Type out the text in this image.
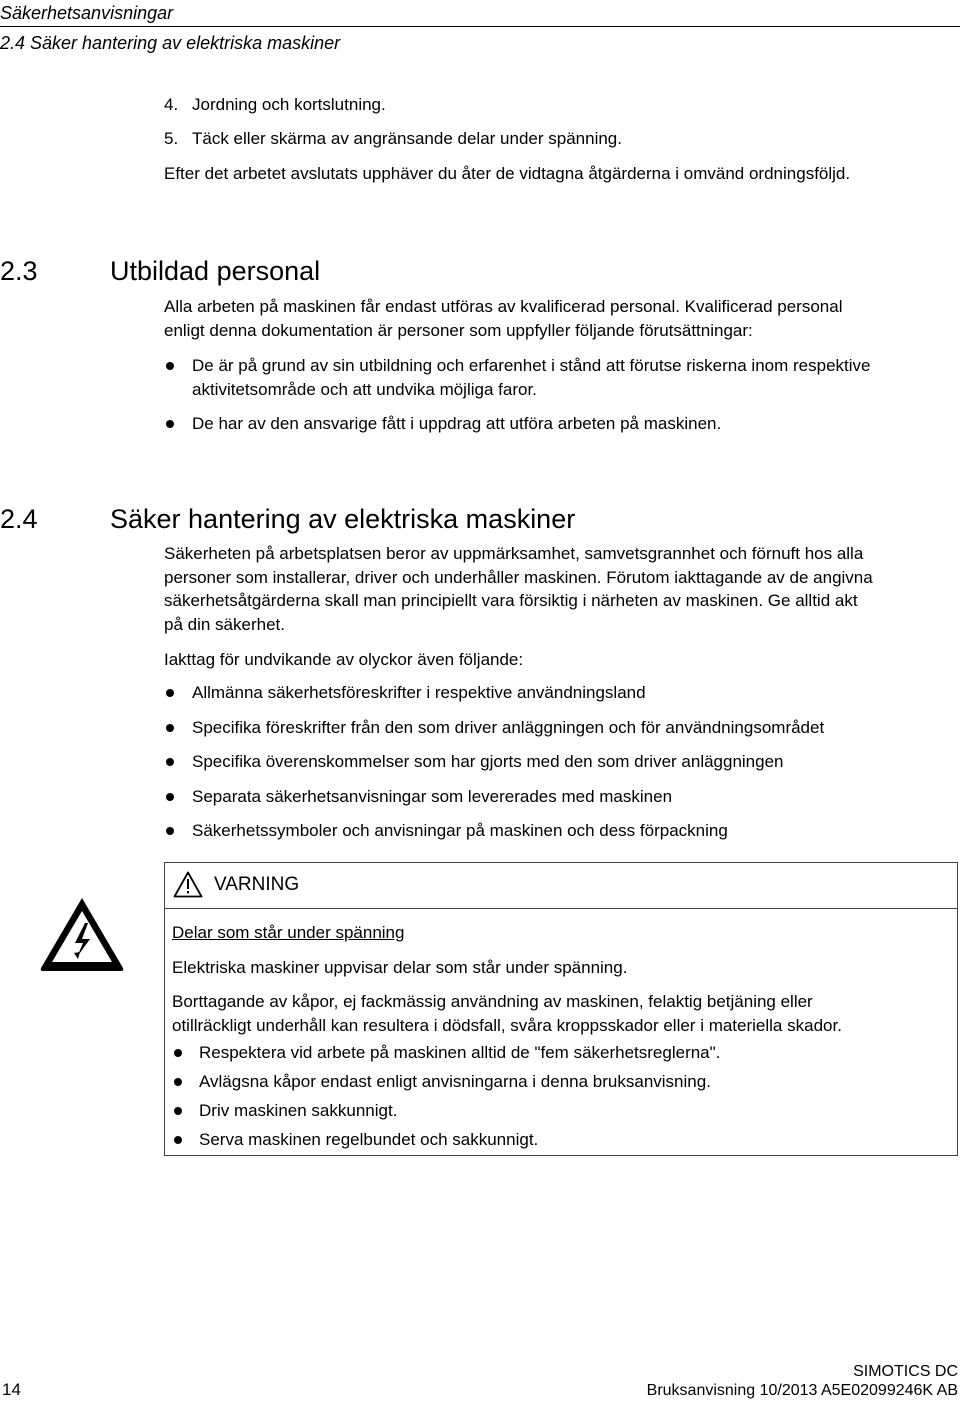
Säkerhetsanvisningar
2.4 Säker hantering av elektriska maskiner
4. Jordning och kortslutning.
5. Täck eller skärma av angränsande delar under spänning.
Efter det arbetet avslutats upphäver du åter de vidtagna åtgärderna i omvänd ordningsföljd.
2.3	Utbildad personal
Alla arbeten på maskinen får endast utföras av kvalificerad personal. Kvalificerad personal
enligt denna dokumentation är personer som uppfyller följande förutsättningar:
De är på grund av sin utbildning och erfarenhet i stånd att förutse riskerna inom respektive
aktivitetsområde och att undvika möjliga faror.
De har av den ansvarige fått i uppdrag att utföra arbeten på maskinen.
2.4	Säker hantering av elektriska maskiner
Säkerheten på arbetsplatsen beror av uppmärksamhet, samvetsgrannhet och förnuft hos alla
personer som installerar, driver och underhåller maskinen. Förutom iakttagande av de angivna
säkerhetsåtgärderna skall man principiellt vara försiktig i närheten av maskinen. Ge alltid akt
på din säkerhet.
Iakttag för undvikande av olyckor även följande:
Allmänna säkerhetsföreskrifter i respektive användningsland
Specifika föreskrifter från den som driver anläggningen och för användningsområdet
Specifika överenskommelser som har gjorts med den som driver anläggningen
Separata säkerhetsanvisningar som levererades med maskinen
Säkerhetssymboler och anvisningar på maskinen och dess förpackning
VARNING
Delar som står under spänning
Elektriska maskiner uppvisar delar som står under spänning.
Borttagande av kåpor, ej fackmässig användning av maskinen, felaktig betjäning eller
otillräckligt underhåll kan resultera i dödsfall, svåra kroppsskador eller i materiella skador.
Respektera vid arbete på maskinen alltid de "fem säkerhetsreglerna".
Avlägsna kåpor endast enligt anvisningarna i denna bruksanvisning.
Driv maskinen sakkunnigt.
Serva maskinen regelbundet och sakkunnigt.
14
SIMOTICS DC
Bruksanvisning 10/2013 A5E02099246K AB
